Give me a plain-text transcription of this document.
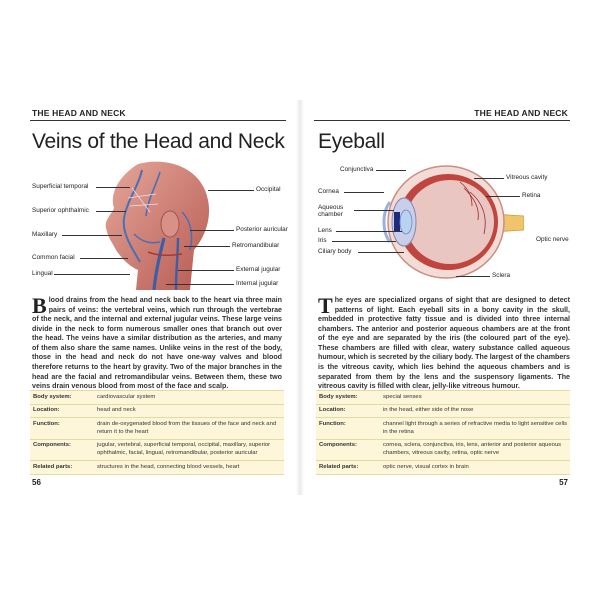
THE HEAD AND NECK
Veins of the Head and Neck
Superficial temporal
Superior ophthalmic
Maxillary
Common facial
Lingual
Occipital
Posterior auricular
Retromandibular
External jugular
Internal jugular
Blood drains from the head and neck back to the heart via three main pairs of veins: the vertebral veins, which run through the vertebrae of the neck, and the internal and external jugular veins. These large veins divide in the neck to form numerous smaller ones that branch out over the head. The veins have a similar distribution as the arteries, and many of them also share the same names. Unlike veins in the rest of the body, those in the head and neck do not have one-way valves and blood therefore returns to the heart by gravity. Two of the major branches in the head are the facial and retromandibular veins. Between them, these two veins drain venous blood from most of the face and scalp.
Body system:	cardiovascular system
Location:	head and neck
Function:	drain de-oxygenated blood from the tissues of the face and neck and return it to the heart
Components:	jugular, vertebral, superficial temporal, occipital, maxillary, superior ophthalmic, facial, lingual, retromandibular, posterior auricular
Related parts:	structures in the head, connecting blood vessels, heart
56
THE HEAD AND NECK
Eyeball
Conjunctiva
Cornea
Aqueous chamber
Lens
Iris
Ciliary body
Vitreous cavity
Retina
Optic nerve
Sclera
The eyes are specialized organs of sight that are designed to detect patterns of light. Each eyeball sits in a bony cavity in the skull, embedded in protective fatty tissue and is divided into three internal chambers. The anterior and posterior aqueous chambers are at the front of the eye and are separated by the iris (the coloured part of the eye). These chambers are filled with clear, watery substance called aqueous humour, which is secreted by the ciliary body. The largest of the chambers is the vitreous cavity, which lies behind the aqueous chambers and is separated from them by the lens and the suspensory ligaments. The vitreous cavity is filled with clear, jelly-like vitreous humour.
Body system:	special senses
Location:	in the head, either side of the nose
Function:	channel light through a series of refractive media to light sensitive cells in the retina
Components:	cornea, sclera, conjunctiva, iris, lens, anterior and posterior aqueous chambers, vitreous cavity, retina, optic nerve
Related parts:	optic nerve, visual cortex in brain
57
